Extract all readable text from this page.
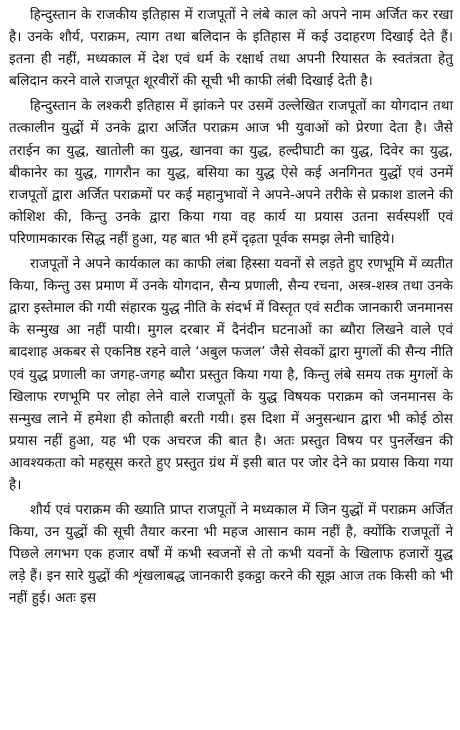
हिन्दुस्तान के राजकीय इतिहास में राजपूतों ने लंबे काल को अपने नाम अर्जित कर रखा है। उनके शौर्य, पराक्रम, त्याग तथा बलिदान के इतिहास में कई उदाहरण दिखाई देते हैं। इतना ही नहीं, मध्यकाल में देश एवं धर्म के रक्षार्थ तथा अपनी रियासत के स्वतंत्रता हेतु बलिदान करने वाले राजपूत शूरवीरों की सूची भी काफी लंबी दिखाई देती है।

हिन्दुस्तान के लश्करी इतिहास में झांकने पर उसमें उल्लेखित राजपूतों का योगदान तथा तत्कालीन युद्धों में उनके द्वारा अर्जित पराक्रम आज भी युवाओं को प्रेरणा देता है। जैसे तराईन का युद्ध, खातोली का युद्ध, खानवा का युद्ध, हल्दीघाटी का युद्ध, दिवेर का युद्ध, बीकानेर का युद्ध, गागरौन का युद्ध, बसिया का युद्ध ऐसे कई अनगिनत युद्धों एवं उनमें राजपूतों द्वारा अर्जित पराक्रमों पर कई महानुभावों ने अपने-अपने तरीके से प्रकाश डालने की कोशिश की, किन्तु उनके द्वारा किया गया वह कार्य या प्रयास उतना सर्वस्पर्शी एवं परिणामकारक सिद्ध नहीं हुआ, यह बात भी हमें दृढ़ता पूर्वक समझ लेनी चाहिये।

राजपूतों ने अपने कार्यकाल का काफी लंबा हिस्सा यवनों से लड़ते हुए रणभूमि में व्यतीत किया, किन्तु उस प्रमाण में उनके योगदान, सैन्य प्रणाली, सैन्य रचना, अस्त्र-शस्त्र तथा उनके द्वारा इस्तेमाल की गयी संहारक युद्ध नीति के संदर्भ में विस्तृत एवं सटीक जानकारी जनमानस के सन्मुख आ नहीं पायी। मुगल दरबार में दैनंदीन घटनाओं का ब्यौरा लिखने वाले एवं बादशाह अकबर से एकनिष्ठ रहने वाले ‘अबुल फजल’ जैसे सेवकों द्वारा मुगलों की सैन्य नीति एवं युद्ध प्रणाली का जगह-जगह ब्यौरा प्रस्तुत किया गया है, किन्तु लंबे समय तक मुगलों के खिलाफ रणभूमि पर लोहा लेने वाले राजपूतों के युद्ध विषयक पराक्रम को जनमानस के सन्मुख लाने में हमेशा ही कोताही बरती गयी। इस दिशा में अनुसन्धान द्वारा भी कोई ठोस प्रयास नहीं हुआ, यह भी एक अचरज की बात है। अतः प्रस्तुत विषय पर पुनर्लेखन की आवश्यकता को महसूस करते हुए प्रस्तुत ग्रंथ में इसी बात पर जोर देने का प्रयास किया गया है।

शौर्य एवं पराक्रम की ख्याति प्राप्त राजपूतों ने मध्यकाल में जिन युद्धों में पराक्रम अर्जित किया, उन युद्धों की सूची तैयार करना भी महज आसान काम नहीं है, क्योंकि राजपूतों ने पिछले लगभग एक हजार वर्षों में कभी स्वजनों से तो कभी यवनों के खिलाफ हजारों युद्ध लड़े हैं। इन सारे युद्धों की शृंखलाबद्ध जानकारी इकट्ठा करने की सूझ आज तक किसी को भी नहीं हुई। अतः इस
